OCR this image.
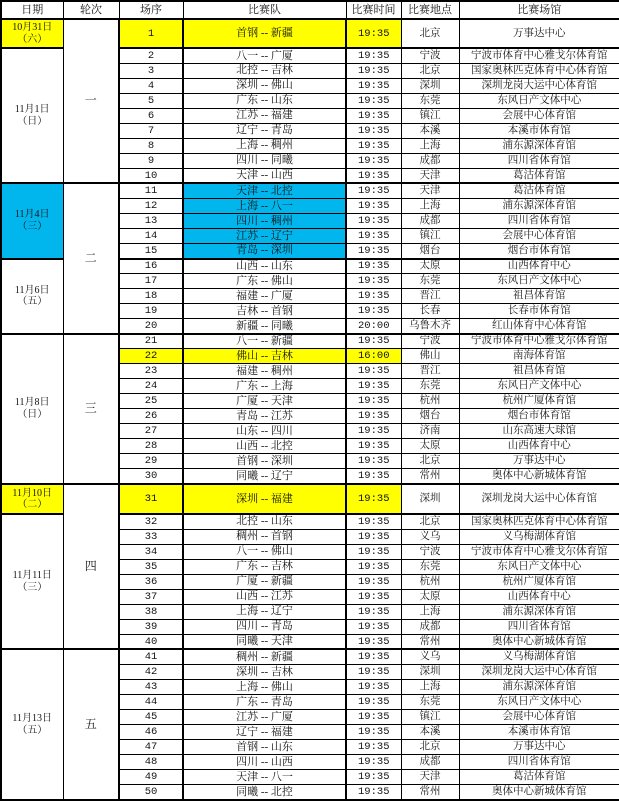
日期	轮次	场序	比赛队	比赛时间	比赛地点	比赛场馆

10月31日
（六）	一	1	首钢 -- 新疆	19:35	北京	万事达中心

11月1日
（日）		2	八一 -- 广厦	19:35	宁波	宁波市体育中心雅戈尔体育馆
		3	北控 -- 吉林	19:35	北京	国家奥林匹克体育中心体育馆
		4	深圳 -- 佛山	19:35	深圳	深圳龙岗大运中心体育馆
		5	广东 -- 山东	19:35	东莞	东风日产文体中心
		6	江苏 -- 福建	19:35	镇江	会展中心体育馆
		7	辽宁 -- 青岛	19:35	本溪	本溪市体育馆
		8	上海 -- 稠州	19:35	上海	浦东源深体育馆
		9	四川 -- 同曦	19:35	成都	四川省体育馆
		10	天津 -- 山西	19:35	天津	葛沽体育馆

11月4日
（三）	二	11	天津 -- 北控	19:35	天津	葛沽体育馆
		12	上海 -- 八一	19:35	上海	浦东源深体育馆
		13	四川 -- 稠州	19:35	成都	四川省体育馆
		14	江苏 -- 辽宁	19:35	镇江	会展中心体育馆
		15	青岛 -- 深圳	19:35	烟台	烟台市体育馆

11月6日
（五）		16	山西 -- 山东	19:35	太原	山西体育中心
		17	广东 -- 佛山	19:35	东莞	东风日产文体中心
		18	福建 -- 广厦	19:35	晋江	祖昌体育馆
		19	吉林 -- 首钢	19:35	长春	长春市体育馆
		20	新疆 -- 同曦	20:00	乌鲁木齐	红山体育中心体育馆

11月8日
（日）	三	21	八一 -- 新疆	19:35	宁波	宁波市体育中心雅戈尔体育馆
		22	佛山 -- 吉林	16:00	佛山	南海体育馆
		23	福建 -- 稠州	19:35	晋江	祖昌体育馆
		24	广东 -- 上海	19:35	东莞	东风日产文体中心
		25	广厦 -- 天津	19:35	杭州	杭州广厦体育馆
		26	青岛 -- 江苏	19:35	烟台	烟台市体育馆
		27	山东 -- 四川	19:35	济南	山东高速大球馆
		28	山西 -- 北控	19:35	太原	山西体育中心
		29	首钢 -- 深圳	19:35	北京	万事达中心
		30	同曦 -- 辽宁	19:35	常州	奥体中心新城体育馆

11月10日
（二）	四	31	深圳 -- 福建	19:35	深圳	深圳龙岗大运中心体育馆

11月11日
（三）		32	北控 -- 山东	19:35	北京	国家奥林匹克体育中心体育馆
		33	稠州 -- 首钢	19:35	义乌	义乌梅湖体育馆
		34	八一 -- 佛山	19:35	宁波	宁波市体育中心雅戈尔体育馆
		35	广东 -- 吉林	19:35	东莞	东风日产文体中心
		36	广厦 -- 新疆	19:35	杭州	杭州广厦体育馆
		37	山西 -- 江苏	19:35	太原	山西体育中心
		38	上海 -- 辽宁	19:35	上海	浦东源深体育馆
		39	四川 -- 青岛	19:35	成都	四川省体育馆
		40	同曦 -- 天津	19:35	常州	奥体中心新城体育馆

11月13日
（五）	五	41	稠州 -- 新疆	19:35	义乌	义乌梅湖体育馆
		42	深圳 -- 吉林	19:35	深圳	深圳龙岗大运中心体育馆
		43	上海 -- 佛山	19:35	上海	浦东源深体育馆
		44	广东 -- 青岛	19:35	东莞	东风日产文体中心
		45	江苏 -- 广厦	19:35	镇江	会展中心体育馆
		46	辽宁 -- 福建	19:35	本溪	本溪市体育馆
		47	首钢 -- 山东	19:35	北京	万事达中心
		48	四川 -- 山西	19:35	成都	四川省体育馆
		49	天津 -- 八一	19:35	天津	葛沽体育馆
		50	同曦 -- 北控	19:35	常州	奥体中心新城体育馆
